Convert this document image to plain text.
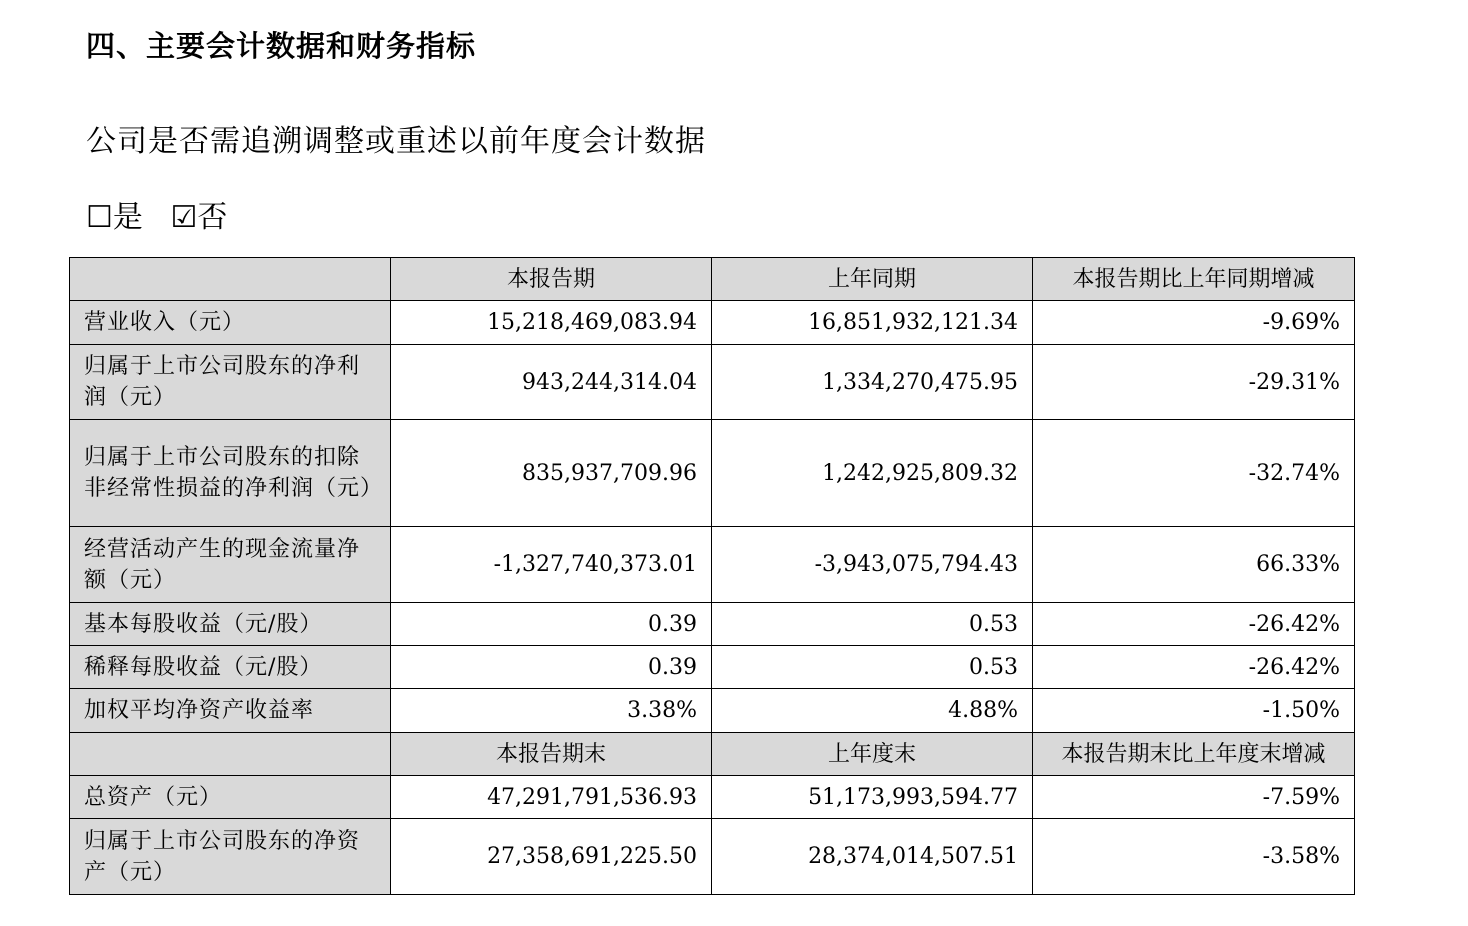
四、主要会计数据和财务指标
公司是否需追溯调整或重述以前年度会计数据
☐是 ☑否
	本报告期	上年同期	本报告期比上年同期增减
营业收入（元）	15,218,469,083.94	16,851,932,121.34	-9.69%
归属于上市公司股东的净利润（元）	943,244,314.04	1,334,270,475.95	-29.31%
归属于上市公司股东的扣除非经常性损益的净利润（元）	835,937,709.96	1,242,925,809.32	-32.74%
经营活动产生的现金流量净额（元）	-1,327,740,373.01	-3,943,075,794.43	66.33%
基本每股收益（元/股）	0.39	0.53	-26.42%
稀释每股收益（元/股）	0.39	0.53	-26.42%
加权平均净资产收益率	3.38%	4.88%	-1.50%
	本报告期末	上年度末	本报告期末比上年度末增减
总资产（元）	47,291,791,536.93	51,173,993,594.77	-7.59%
归属于上市公司股东的净资产（元）	27,358,691,225.50	28,374,014,507.51	-3.58%
